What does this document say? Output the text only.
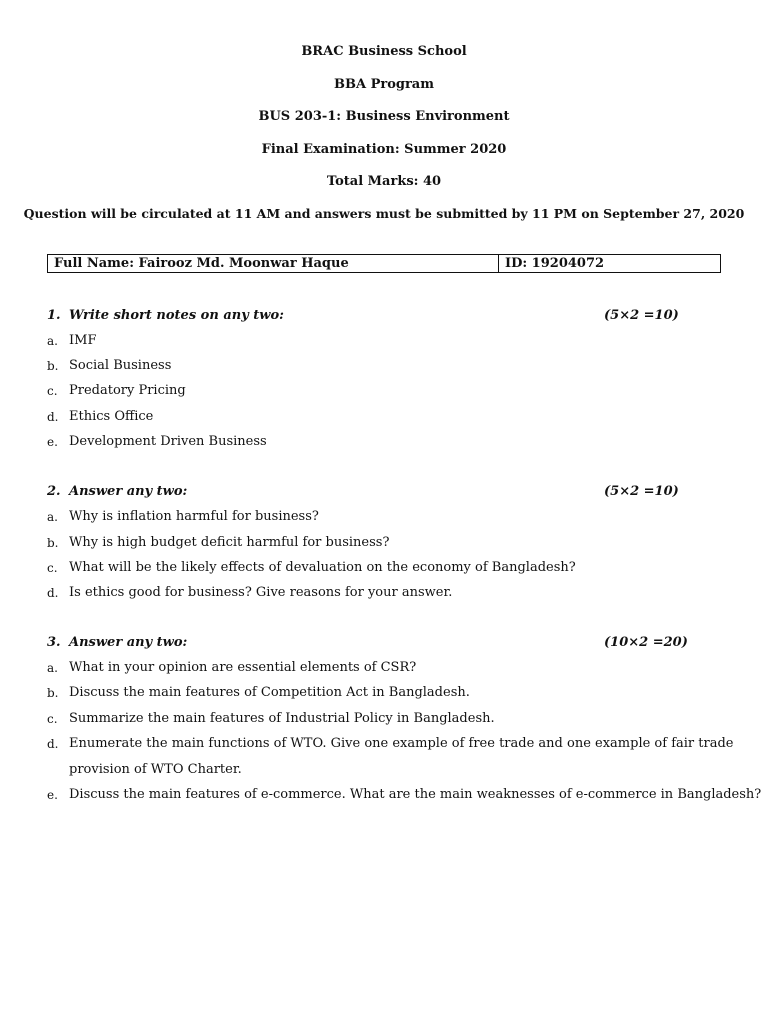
BRAC Business School
BBA Program
BUS 203-1: Business Environment
Final Examination: Summer 2020
Total Marks: 40
Question will be circulated at 11 AM and answers must be submitted by 11 PM on September 27, 2020
Full Name: Fairooz Md. Moonwar Haque	ID: 19204072
1. Write short notes on any two:	(5×2 =10)
a. IMF
b. Social Business
c. Predatory Pricing
d. Ethics Office
e. Development Driven Business
2. Answer any two:	(5×2 =10)
a. Why is inflation harmful for business?
b. Why is high budget deficit harmful for business?
c. What will be the likely effects of devaluation on the economy of Bangladesh?
d. Is ethics good for business? Give reasons for your answer.
3. Answer any two:	(10×2 =20)
a. What in your opinion are essential elements of CSR?
b. Discuss the main features of Competition Act in Bangladesh.
c. Summarize the main features of Industrial Policy in Bangladesh.
d. Enumerate the main functions of WTO. Give one example of free trade and one example of fair trade
provision of WTO Charter.
e. Discuss the main features of e-commerce. What are the main weaknesses of e-commerce in Bangladesh?
